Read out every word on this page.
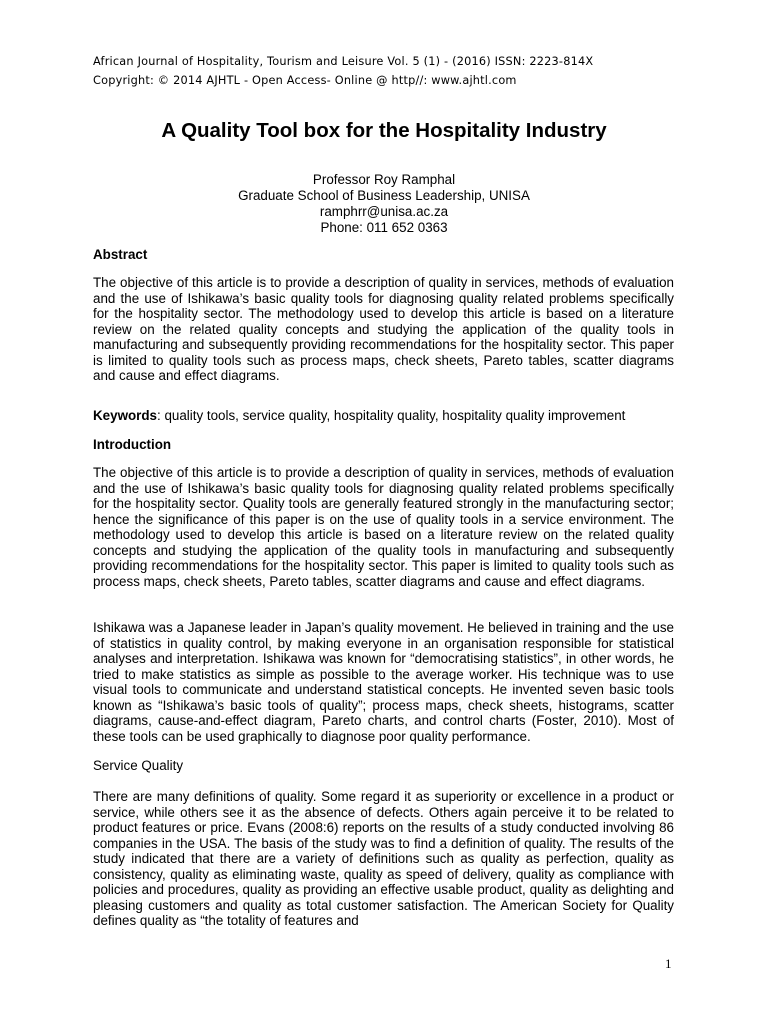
African Journal of Hospitality, Tourism and Leisure Vol. 5 (1) - (2016) ISSN: 2223-814X
Copyright: © 2014 AJHTL - Open Access- Online @ http//: www.ajhtl.com
A Quality Tool box for the Hospitality Industry
Professor Roy Ramphal
Graduate School of Business Leadership, UNISA
ramphrr@unisa.ac.za
Phone: 011 652 0363
Abstract

The objective of this article is to provide a description of quality in services, methods of evaluation and the use of Ishikawa’s basic quality tools for diagnosing quality related problems specifically for the hospitality sector. The methodology used to develop this article is based on a literature review on the related quality concepts and studying the application of the quality tools in manufacturing and subsequently providing recommendations for the hospitality sector. This paper is limited to quality tools such as process maps, check sheets, Pareto tables, scatter diagrams and cause and effect diagrams.

Keywords: quality tools, service quality, hospitality quality, hospitality quality improvement
Introduction

The objective of this article is to provide a description of quality in services, methods of evaluation and the use of Ishikawa’s basic quality tools for diagnosing quality related problems specifically for the hospitality sector. Quality tools are generally featured strongly in the manufacturing sector; hence the significance of this paper is on the use of quality tools in a service environment. The methodology used to develop this article is based on a literature review on the related quality concepts and studying the application of the quality tools in manufacturing and subsequently providing recommendations for the hospitality sector. This paper is limited to quality tools such as process maps, check sheets, Pareto tables, scatter diagrams and cause and effect diagrams.

Ishikawa was a Japanese leader in Japan’s quality movement. He believed in training and the use of statistics in quality control, by making everyone in an organisation responsible for statistical analyses and interpretation. Ishikawa was known for “democratising statistics”, in other words, he tried to make statistics as simple as possible to the average worker. His technique was to use visual tools to communicate and understand statistical concepts. He invented seven basic tools known as “Ishikawa’s basic tools of quality”; process maps, check sheets, histograms, scatter diagrams, cause-and-effect diagram, Pareto charts, and control charts (Foster, 2010). Most of these tools can be used graphically to diagnose poor quality performance.

Service Quality

There are many definitions of quality. Some regard it as superiority or excellence in a product or service, while others see it as the absence of defects. Others again perceive it to be related to product features or price. Evans (2008:6) reports on the results of a study conducted involving 86 companies in the USA. The basis of the study was to find a definition of quality. The results of the study indicated that there are a variety of definitions such as quality as perfection, quality as consistency, quality as eliminating waste, quality as speed of delivery, quality as compliance with policies and procedures, quality as providing an effective usable product, quality as delighting and pleasing customers and quality as total customer satisfaction. The American Society for Quality defines quality as “the totality of features and

1
